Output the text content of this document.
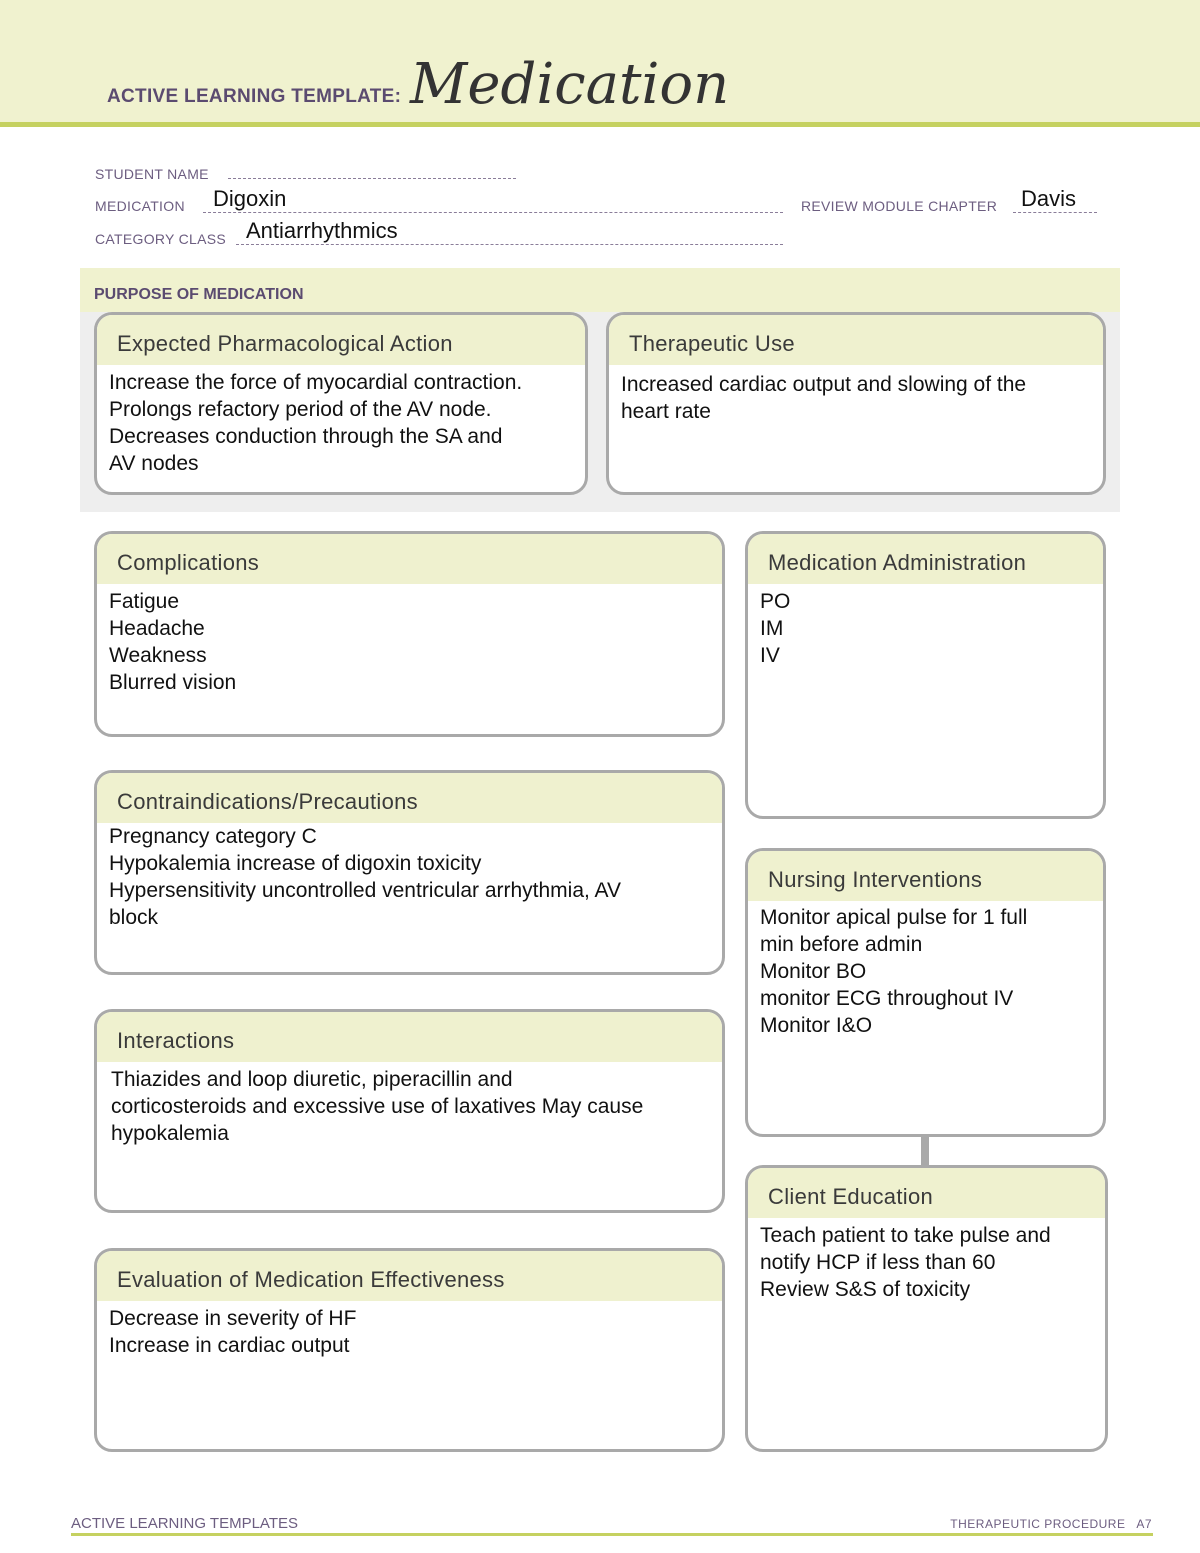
ACTIVE LEARNING TEMPLATE: Medication
STUDENT NAME
MEDICATION Digoxin	REVIEW MODULE CHAPTER Davis
CATEGORY CLASS Antiarrhythmics
PURPOSE OF MEDICATION
Expected Pharmacological Action
Increase the force of myocardial contraction.
Prolongs refactory period of the AV node.
Decreases conduction through the SA and
AV nodes
Therapeutic Use
Increased cardiac output and slowing of the
heart rate
Complications
Fatigue
Headache
Weakness
Blurred vision
Medication Administration
PO
IM
IV
Contraindications/Precautions
Pregnancy category C
Hypokalemia increase of digoxin toxicity
Hypersensitivity uncontrolled ventricular arrhythmia, AV
block
Nursing Interventions
Monitor apical pulse for 1 full
min before admin
Monitor BO
monitor ECG throughout IV
Monitor I&O
Interactions
Thiazides and loop diuretic, piperacillin and
corticosteroids and excessive use of laxatives May cause
hypokalemia
Client Education
Teach patient to take pulse and
notify HCP if less than 60
Review S&S of toxicity
Evaluation of Medication Effectiveness
Decrease in severity of HF
Increase in cardiac output
ACTIVE LEARNING TEMPLATES	THERAPEUTIC PROCEDURE   A7
